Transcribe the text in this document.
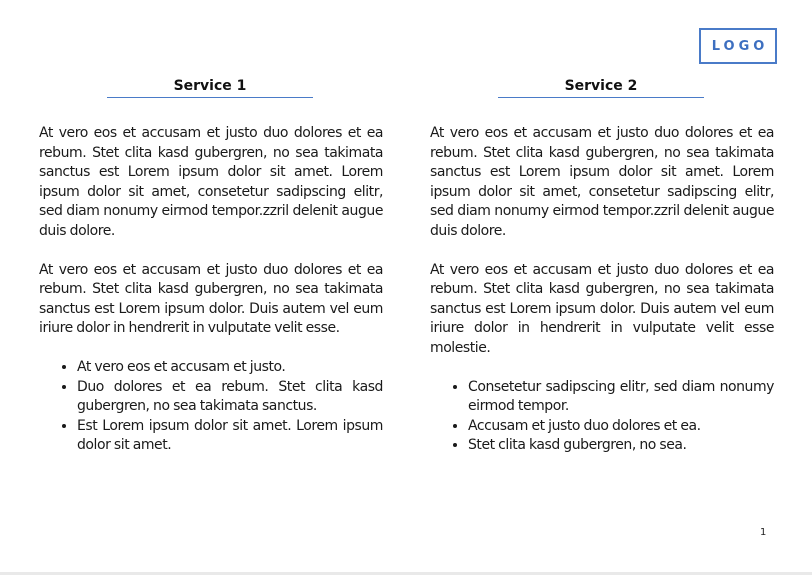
LOGO
Service 1	Service 2

At vero eos et accusam et justo duo dolores et ea rebum. Stet clita kasd gubergren, no sea takimata sanctus est Lorem ipsum dolor sit amet. Lorem ipsum dolor sit amet, consetetur sadipscing elitr, sed diam nonumy eirmod tempor.zzril delenit augue duis dolore.

At vero eos et accusam et justo duo dolores et ea rebum. Stet clita kasd gubergren, no sea takimata sanctus est Lorem ipsum dolor. Duis autem vel eum iriure dolor in hendrerit in vulputate velit esse.

• At vero eos et accusam et justo.
• Duo dolores et ea rebum. Stet clita kasd gubergren, no sea takimata sanctus.
• Est Lorem ipsum dolor sit amet. Lorem ipsum dolor sit amet.

At vero eos et accusam et justo duo dolores et ea rebum. Stet clita kasd gubergren, no sea takimata sanctus est Lorem ipsum dolor sit amet. Lorem ipsum dolor sit amet, consetetur sadipscing elitr, sed diam nonumy eirmod tempor.zzril delenit augue duis dolore.

At vero eos et accusam et justo duo dolores et ea rebum. Stet clita kasd gubergren, no sea takimata sanctus est Lorem ipsum dolor. Duis autem vel eum iriure dolor in hendrerit in vulputate velit esse molestie.

• Consetetur sadipscing elitr, sed diam nonumy eirmod tempor.
• Accusam et justo duo dolores et ea.
• Stet clita kasd gubergren, no sea.
1
